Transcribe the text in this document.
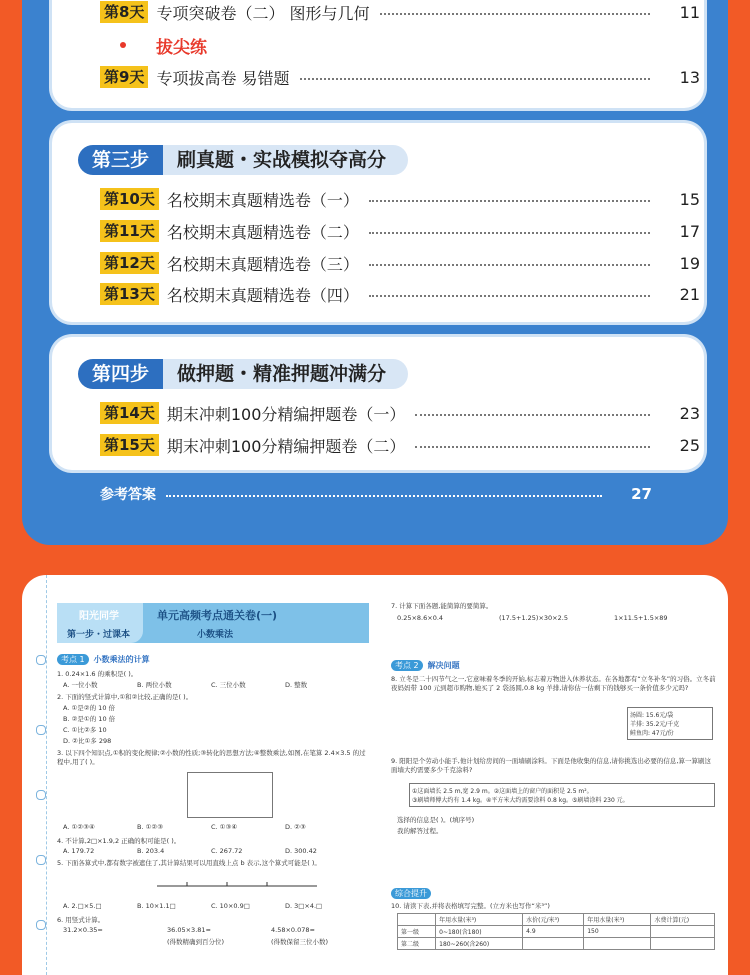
第8天 专项突破卷（二） 图形与几何	11
拔尖练
第9天 专项拔高卷 易错题	13
第三步	刷真题・实战模拟夺高分
第10天 名校期末真题精选卷（一）	15
第11天 名校期末真题精选卷（二）	17
第12天 名校期末真题精选卷（三）	19
第13天 名校期末真题精选卷（四）	21
第四步	做押题・精准押题冲满分
第14天 期末冲刺100分精编押题卷（一）	23
第15天 期末冲刺100分精编押题卷（二）	25
参考答案	27
阳光同学
第一步・过课本
单元高频考点通关卷(一)
小数乘法
考点 1	小数乘法的计算
1. 0.24×1.6 的乘积是( )。
A. 一位小数	B. 两位小数	C. 三位小数	D. 整数
2. 下面的竖式计算中,①和②比较,正确的是( )。
A. ①是②的 10 倍
B. ②是①的 10 倍
C. ①比②多 10
D. ②比①多 298
3. 以下四个知识点,①积的变化规律;②小数的性质;③转化的思想方法;④整数乘法,如图,在笔算 2.4×3.5 的过程中,用了( )。
A. ①②③④	B. ①②③	C. ①③④	D. ②③
4. 不计算,2□×1.9,2 正确的积可能是( )。
A. 179.72	B. 203.4	C. 267.72	D. 300.42
5. 下面各算式中,都有数字被遮住了,其计算结果可以用直线上点 b 表示,这个算式可能是( )。
A. 2.□×5.□	B. 10×1.1□	C. 10×0.9□	D. 3□×4.□
6. 用竖式计算。
31.2×0.35=	36.05×3.81≈	4.58×0.078≈
(得数精确到百分位)	(得数保留三位小数)
7. 计算下面各题,能简算的要简算。
0.25×8.6×0.4	(17.5+1.25)×30×2.5	1×11.5+1.5×89
考点 2	解决问题
8. 立冬是二十四节气之一,它意味着冬季的开始,标志着万物进入休养状态。在各地都有“立冬补冬”的习俗。立冬前夜妈妈带 100 元到超市购物,她买了 2 袋汤圆,0.8 kg 羊排,请你估一估剩下的钱够买一条价值多少元吗?
汤圆: 15.6元/袋
羊排: 35.2元/千克
鲑鱼肉: 47元/份
9. 阳阳是个劳动小能手,他计划给房间的一面墙刷涂料。下面是他收集的信息,请你挑选出必要的信息,算一算刷这面墙大约需要多少千克涂料?
①这面墙长 2.5 m,宽 2.9 m。②这面墙上的窗户的面积是 2.5 m²。
③刷墙师傅大约有 1.4 kg。④平方米大约需要涂料 0.8 kg。⑤刷墙涂料 230 元。
选择的信息是( )。(填序号)
我的解答过程。
综合提升
10. 请读下表,并将表格填写完整。(立方米也写作“米³”)
	年用水量(米³)	水价(元/米³)	年用水量(米³)	水费计算(元)
第一级	0~180(含180)	4.9	150	
第二级	180~260(含260)			
